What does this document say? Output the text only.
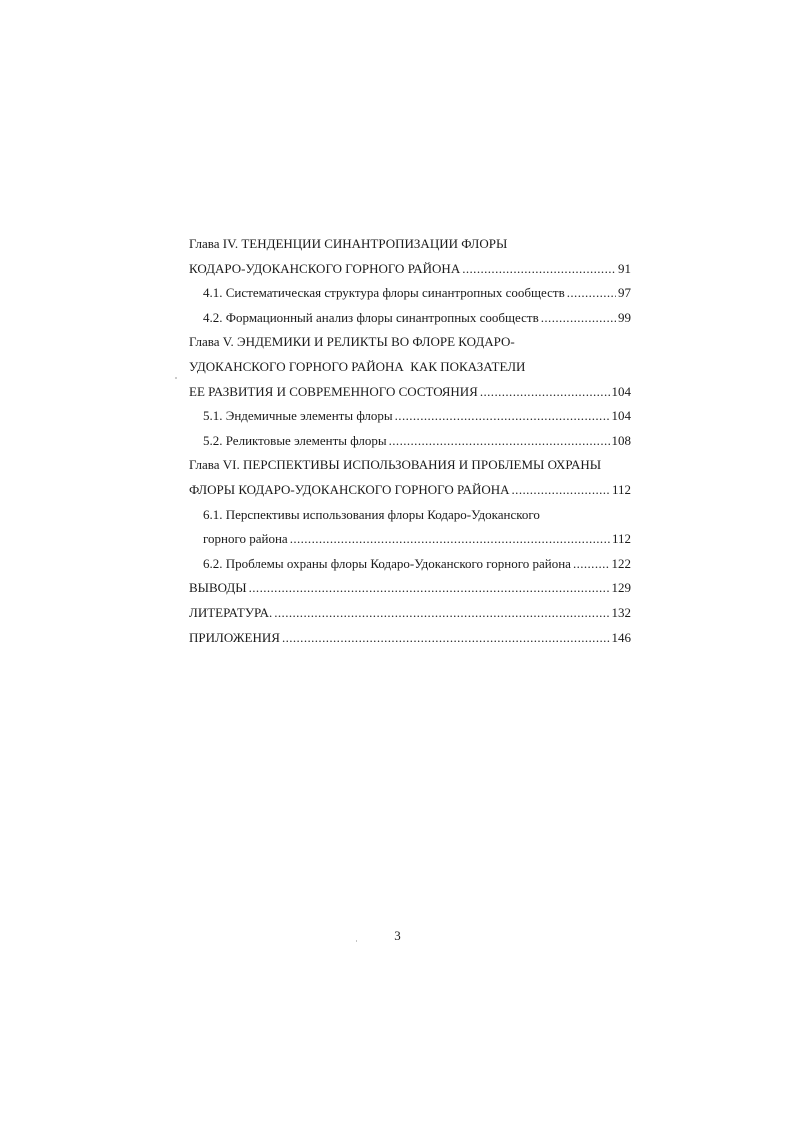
Глава IV. ТЕНДЕНЦИИ СИНАНТРОПИЗАЦИИ ФЛОРЫ
КОДАРО-УДОКАНСКОГО ГОРНОГО РАЙОНА .....	91
4.1. Систематическая структура флоры синантропных сообществ .....	97
4.2. Формационный анализ флоры синантропных сообществ .....	99
Глава V. ЭНДЕМИКИ И РЕЛИКТЫ ВО ФЛОРЕ КОДАРО-
УДОКАНСКОГО ГОРНОГО РАЙОНА  КАК ПОКАЗАТЕЛИ
ЕЕ РАЗВИТИЯ И СОВРЕМЕННОГО СОСТОЯНИЯ .....	104
5.1. Эндемичные элементы флоры .....	104
5.2. Реликтовые элементы флоры .....	108
Глава VI. ПЕРСПЕКТИВЫ ИСПОЛЬЗОВАНИЯ И ПРОБЛЕМЫ ОХРАНЫ
ФЛОРЫ КОДАРО-УДОКАНСКОГО ГОРНОГО РАЙОНА .....	112
6.1. Перспективы использования флоры Кодаро-Удоканского
горного района .....	112
6.2. Проблемы охраны флоры Кодаро-Удоканского горного района .....	122
ВЫВОДЫ .....	129
ЛИТЕРАТУРА. .....	132
ПРИЛОЖЕНИЯ .....	146
3
